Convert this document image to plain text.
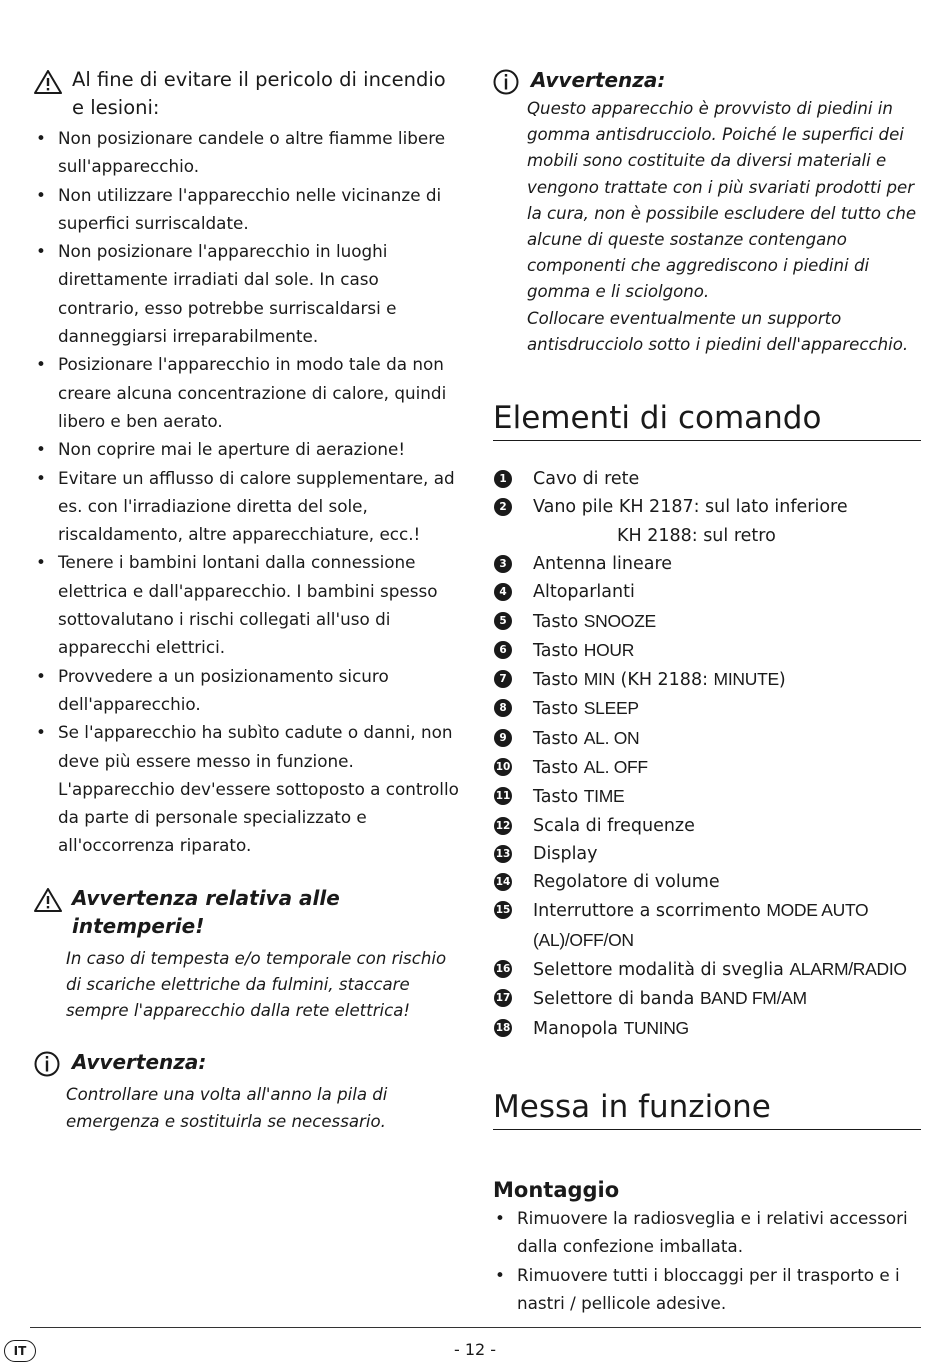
Al fine di evitare il pericolo di incendio e lesioni:
• Non posizionare candele o altre fiamme libere sull'apparecchio.
• Non utilizzare l'apparecchio nelle vicinanze di superfici surriscaldate.
• Non posizionare l'apparecchio in luoghi direttamente irradiati dal sole. In caso contrario, esso potrebbe surriscaldarsi e danneggiarsi irreparabilmente.
• Posizionare l'apparecchio in modo tale da non creare alcuna concentrazione di calore, quindi libero e ben aerato.
• Non coprire mai le aperture di aerazione!
• Evitare un afflusso di calore supplementare, ad es. con l'irradiazione diretta del sole, riscaldamento, altre apparecchiature, ecc.!
• Tenere i bambini lontani dalla connessione elettrica e dall'apparecchio. I bambini spesso sottovalutano i rischi collegati all'uso di apparecchi elettrici.
• Provvedere a un posizionamento sicuro dell'apparecchio.
• Se l'apparecchio ha subìto cadute o danni, non deve più essere messo in funzione. L'apparecchio dev'essere sottoposto a controllo da parte di personale specializzato e all'occorrenza riparato.
Avvertenza relativa alle intemperie!
In caso di tempesta e/o temporale con rischio di scariche elettriche da fulmini, staccare sempre l'apparecchio dalla rete elettrica!
Avvertenza:
Controllare una volta all'anno la pila di emergenza e sostituirla se necessario.
Avvertenza:
Questo apparecchio è provvisto di piedini in gomma antisdrucciolo. Poiché le superfici dei mobili sono costituite da diversi materiali e vengono trattate con i più svariati prodotti per la cura, non è possibile escludere del tutto che alcune di queste sostanze contengano componenti che aggrediscono i piedini di gomma e li sciolgono.
Collocare eventualmente un supporto antisdrucciolo sotto i piedini dell'apparecchio.
Elementi di comando
1	Cavo di rete
2	Vano pile KH 2187: sul lato inferiore
KH 2188: sul retro
3	Antenna lineare
4	Altoparlanti
5	Tasto SNOOZE
6	Tasto HOUR
7	Tasto MIN (KH 2188: MINUTE)
8	Tasto SLEEP
9	Tasto AL. ON
10 Tasto AL. OFF
11 Tasto TIME
12 Scala di frequenze
13 Display
14 Regolatore di volume
15 Interruttore a scorrimento MODE AUTO (AL)/OFF/ON
16 Selettore modalità di sveglia ALARM/RADIO
17 Selettore di banda BAND FM/AM
18 Manopola TUNING
Messa in funzione
Montaggio
• Rimuovere la radiosveglia e i relativi accessori dalla confezione imballata.
• Rimuovere tutti i bloccaggi per il trasporto e i nastri / pellicole adesive.
IT	- 12 -
